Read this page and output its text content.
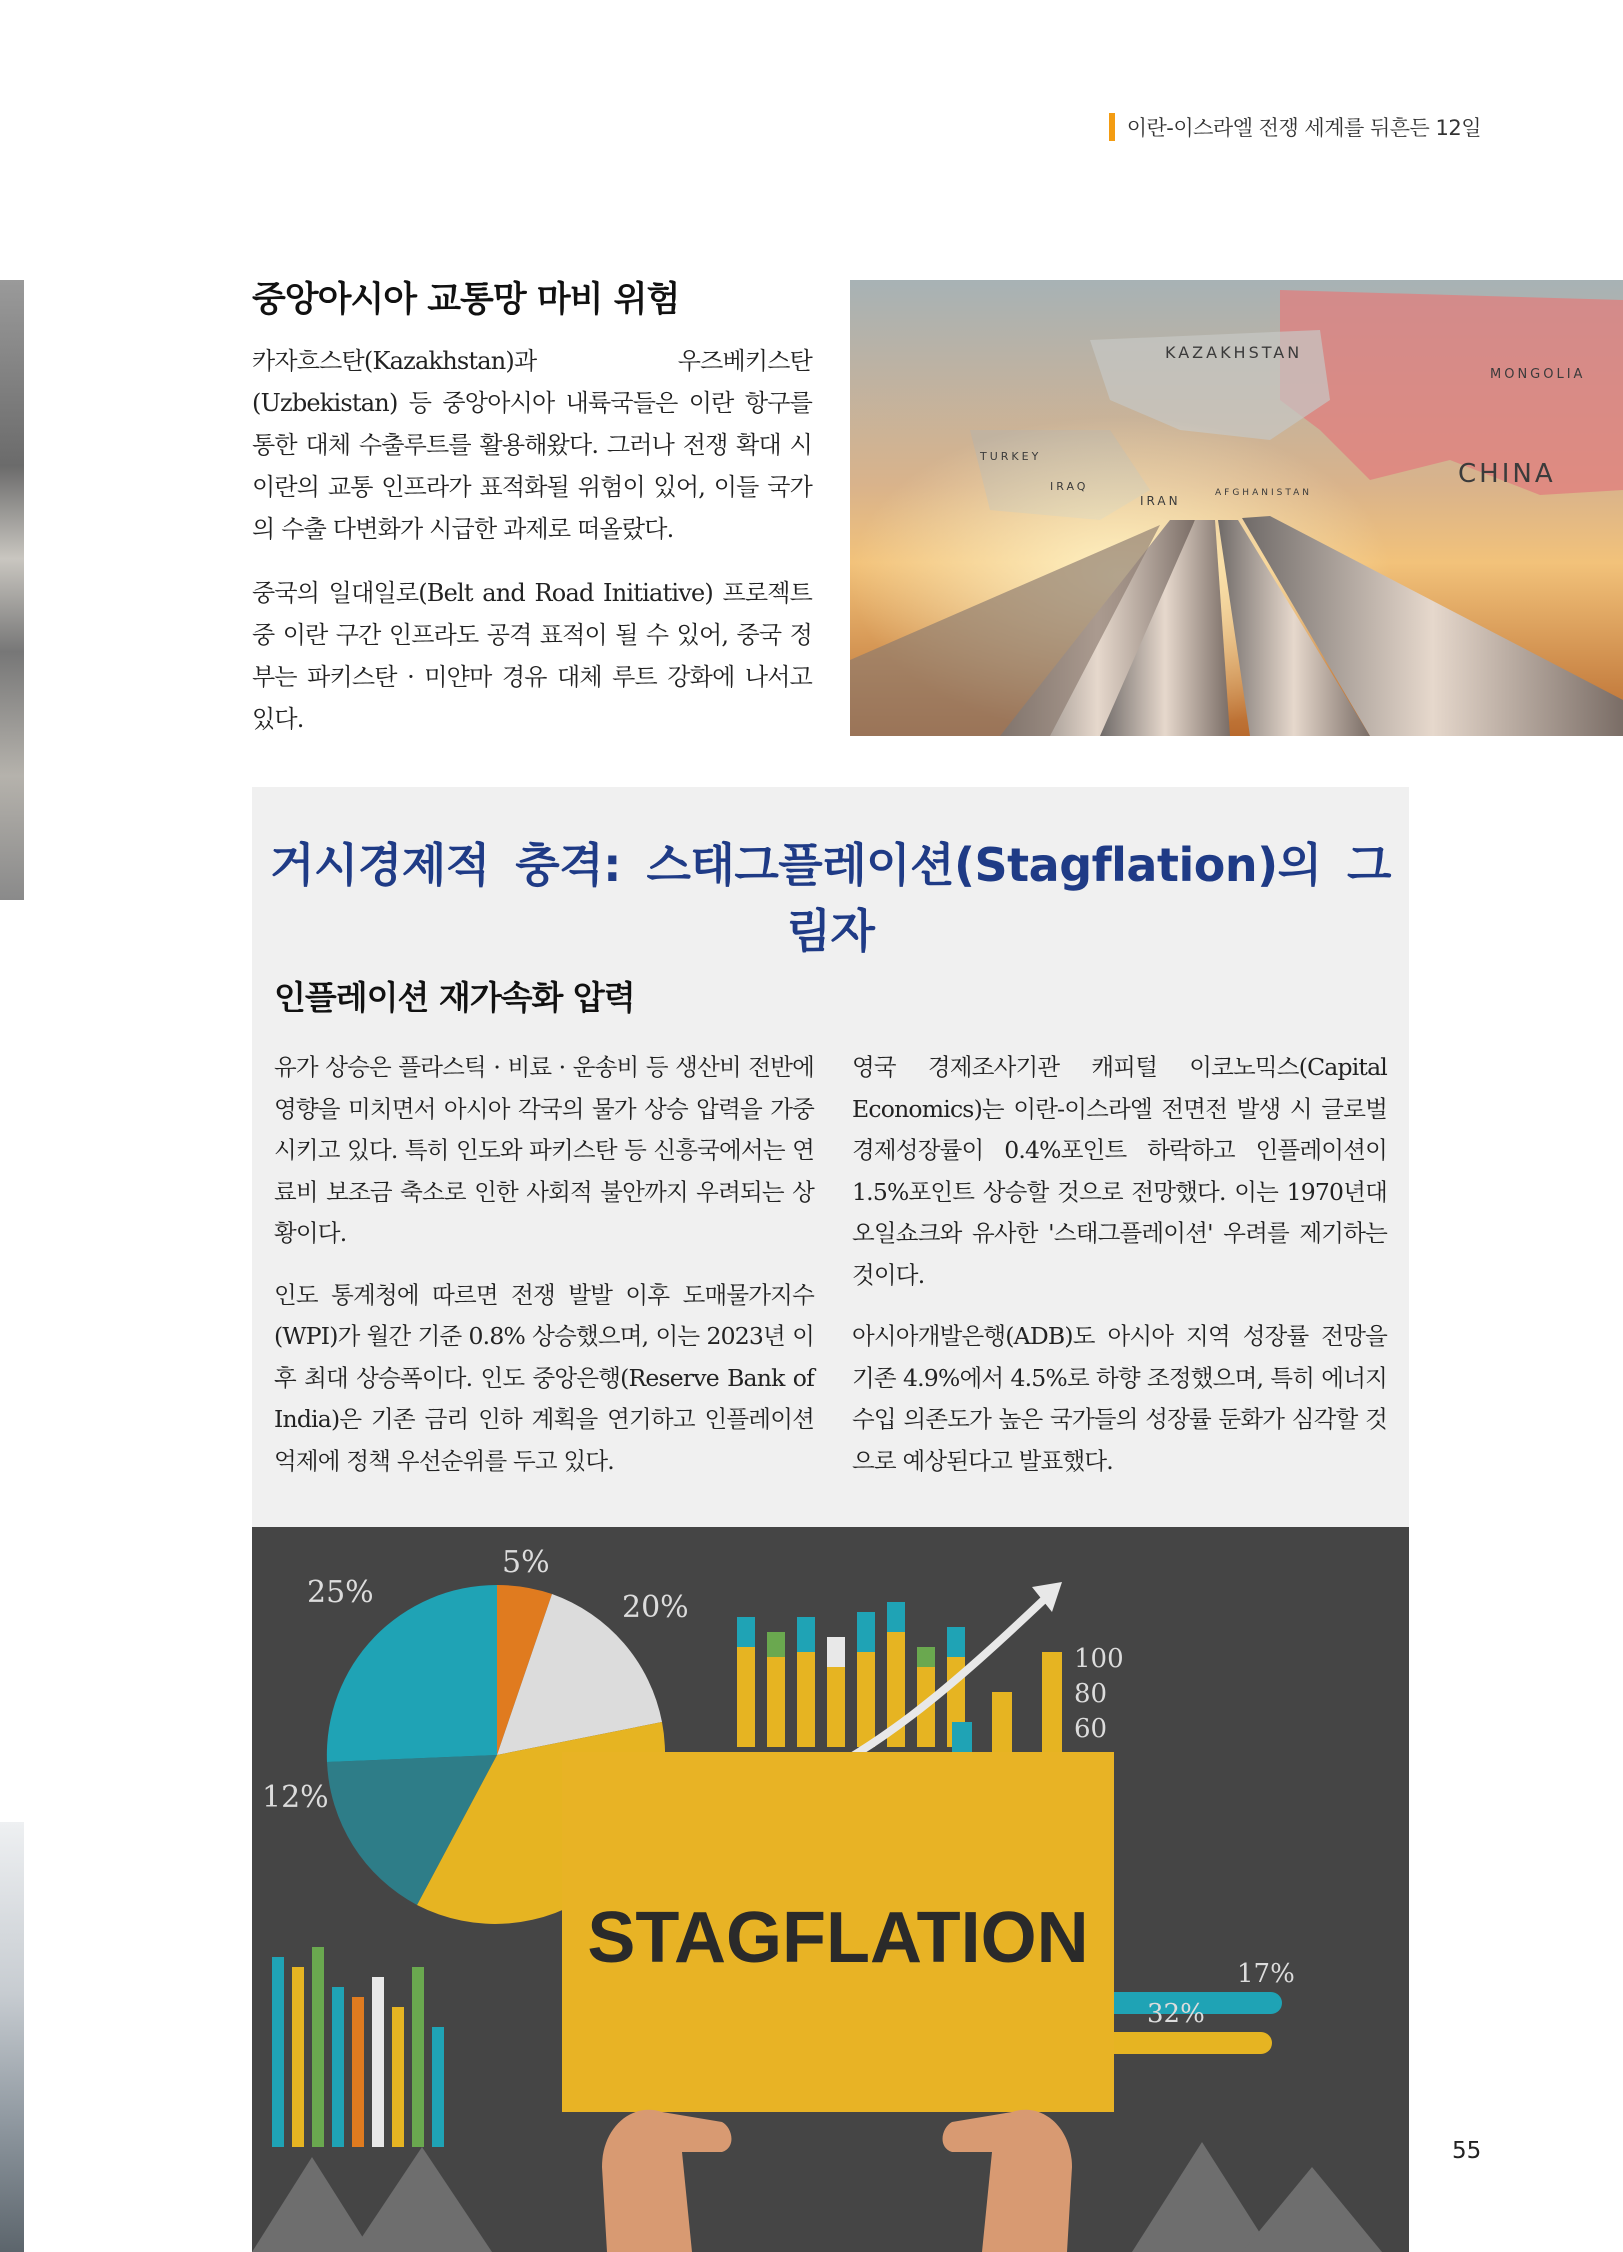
이란-이스라엘 전쟁 세계를 뒤흔든 12일
중앙아시아 교통망 마비 위험

카자흐스탄(Kazakhstan)과 우즈베키스탄(Uzbekistan) 등 중앙아시아 내륙국들은 이란 항구를 통한 대체 수출루트를 활용해왔다. 그러나 전쟁 확대 시 이란의 교통 인프라가 표적화될 위험이 있어, 이들 국가의 수출 다변화가 시급한 과제로 떠올랐다.

중국의 일대일로(Belt and Road Initiative) 프로젝트 중 이란 구간 인프라도 공격 표적이 될 수 있어, 중국 정부는 파키스탄 · 미얀마 경유 대체 루트 강화에 나서고 있다.

KAZAKHSTAN
MONGOLIA
CHINA
TURKEY
IRAQ
IRAN
AFGHANISTAN
거시경제적 충격: 스태그플레이션(Stagflation)의 그림자
인플레이션 재가속화 압력

유가 상승은 플라스틱 · 비료 · 운송비 등 생산비 전반에 영향을 미치면서 아시아 각국의 물가 상승 압력을 가중시키고 있다. 특히 인도와 파키스탄 등 신흥국에서는 연료비 보조금 축소로 인한 사회적 불안까지 우려되는 상황이다.

인도 통계청에 따르면 전쟁 발발 이후 도매물가지수(WPI)가 월간 기준 0.8% 상승했으며, 이는 2023년 이후 최대 상승폭이다. 인도 중앙은행(Reserve Bank of India)은 기존 금리 인하 계획을 연기하고 인플레이션 억제에 정책 우선순위를 두고 있다.

영국 경제조사기관 캐피털 이코노믹스(Capital Economics)는 이란-이스라엘 전면전 발생 시 글로벌 경제성장률이 0.4%포인트 하락하고 인플레이션이 1.5%포인트 상승할 것으로 전망했다. 이는 1970년대 오일쇼크와 유사한 '스태그플레이션' 우려를 제기하는 것이다.

아시아개발은행(ADB)도 아시아 지역 성장률 전망을 기존 4.9%에서 4.5%로 하향 조정했으며, 특히 에너지 수입 의존도가 높은 국가들의 성장률 둔화가 심각할 것으로 예상된다고 발표했다.

5%
20%
25%
12%
100
80
60
17%
32%
STAGFLATION
55
